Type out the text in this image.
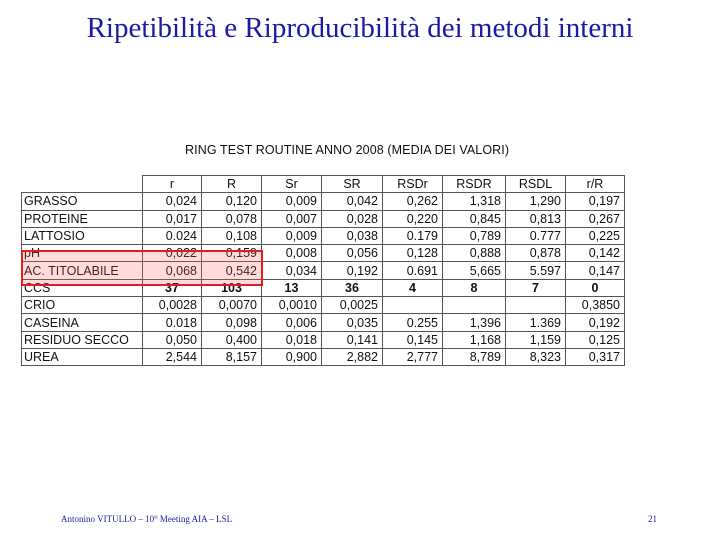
Ripetibilità e Riproducibilità dei metodi interni
RING TEST ROUTINE ANNO 2008 (MEDIA DEI VALORI)
	r	R	Sr	SR	RSDr	RSDR	RSDL	r/R
GRASSO	0,024	0,120	0,009	0,042	0,262	1,318	1,290	0,197
PROTEINE	0,017	0,078	0,007	0,028	0,220	0,845	0,813	0,267
LATTOSIO	0.024	0,108	0,009	0,038	0.179	0,789	0.777	0,225
pH	0,022	0,159	0,008	0,056	0,128	0,888	0,878	0,142
AC. TITOLABILE	0,068	0,542	0,034	0,192	0.691	5,665	5.597	0,147
CCS	37	103	13	36	4	8	7	0
CRIO	0,0028	0,0070	0,0010	0,0025				0,3850
CASEINA	0.018	0,098	0,006	0,035	0.255	1,396	1.369	0,192
RESIDUO SECCO	0,050	0,400	0,018	0,141	0,145	1,168	1,159	0,125
UREA	2,544	8,157	0,900	2,882	2,777	8,789	8,323	0,317
Antonino VITULLO – 10° Meeting AIA – LSL	21
